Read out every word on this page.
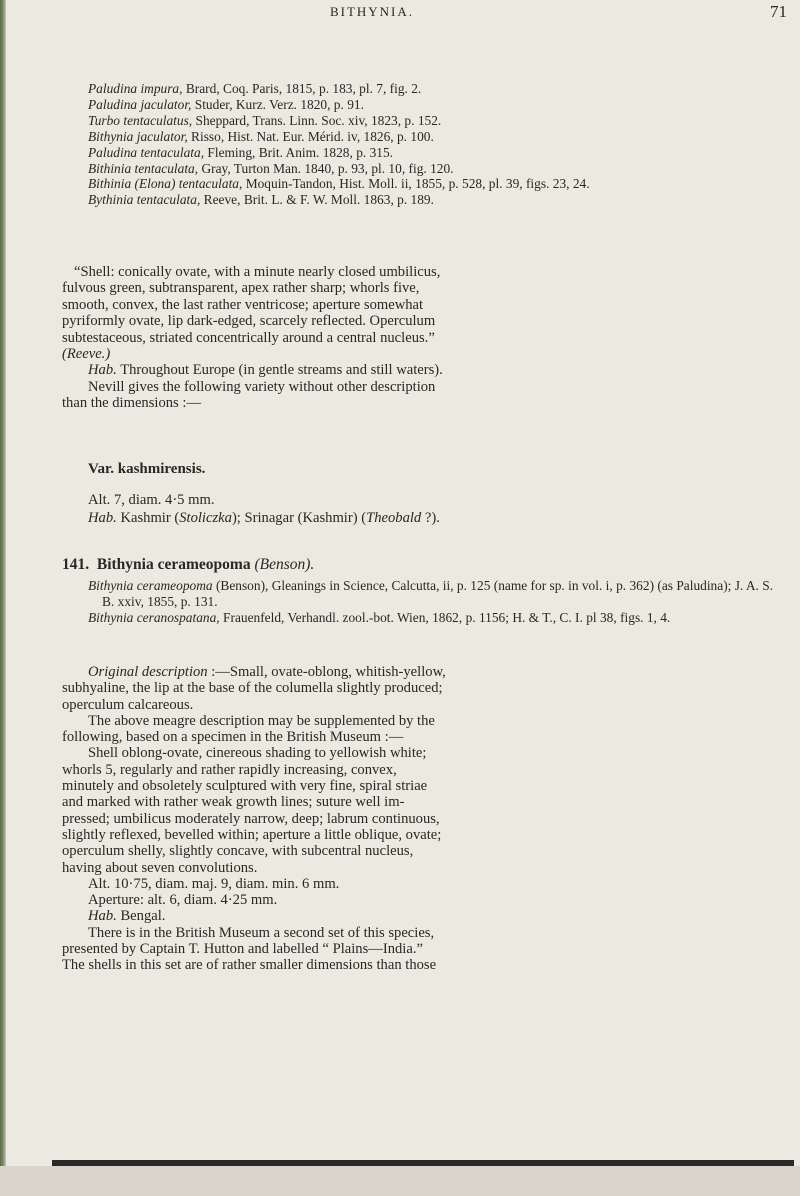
BITHYNIA.	71

Paludina impura, Brard, Coq. Paris, 1815, p. 183, pl. 7, fig. 2.

Paludina jaculator, Studer, Kurz. Verz. 1820, p. 91.

Turbo tentaculatus, Sheppard, Trans. Linn. Soc. xiv, 1823, p. 152.

Bithynia jaculator, Risso, Hist. Nat. Eur. Mérid. iv, 1826, p. 100.

Paludina tentaculata, Fleming, Brit. Anim. 1828, p. 315.

Bithinia tentaculata, Gray, Turton Man. 1840, p. 93, pl. 10, fig. 120.

Bithinia (Elona) tentaculata, Moquin-Tandon, Hist. Moll. ii, 1855, p. 528, pl. 39, figs. 23, 24.

Bythinia tentaculata, Reeve, Brit. L. & F. W. Moll. 1863, p. 189.

“Shell: conically ovate, with a minute nearly closed umbilicus,

fulvous green, subtransparent, apex rather sharp; whorls five,

smooth, convex, the last rather ventricose; aperture somewhat

pyriformly ovate, lip dark-edged, scarcely reflected. Operculum

subtestaceous, striated concentrically around a central nucleus.”

(Reeve.)

Hab. Throughout Europe (in gentle streams and still waters).

Nevill gives the following variety without other description

than the dimensions :—

Var. kashmirensis.
Alt. 7, diam. 4·5 mm.
Hab. Kashmir (Stoliczka); Srinagar (Kashmir) (Theobald ?).
141. Bithynia cerameopoma (Benson).

Bithynia cerameopoma (Benson), Gleanings in Science, Calcutta, ii, p. 125 (name for sp. in vol. i, p. 362) (as Paludina); J. A. S. B. xxiv, 1855, p. 131.

Bithynia ceranospatana, Frauenfeld, Verhandl. zool.-bot. Wien, 1862, p. 1156; H. & T., C. I. pl 38, figs. 1, 4.

Original description :—Small, ovate-oblong, whitish-yellow,

subhyaline, the lip at the base of the columella slightly produced;

operculum calcareous.

The above meagre description may be supplemented by the

following, based on a specimen in the British Museum :—

Shell oblong-ovate, cinereous shading to yellowish white;

whorls 5, regularly and rather rapidly increasing, convex,

minutely and obsoletely sculptured with very fine, spiral striae

and marked with rather weak growth lines; suture well im-

pressed; umbilicus moderately narrow, deep; labrum continuous,

slightly reflexed, bevelled within; aperture a little oblique, ovate;

operculum shelly, slightly concave, with subcentral nucleus,

having about seven convolutions.

Alt. 10·75, diam. maj. 9, diam. min. 6 mm.

Aperture: alt. 6, diam. 4·25 mm.

Hab. Bengal.

There is in the British Museum a second set of this species,

presented by Captain T. Hutton and labelled “ Plains—India.”

The shells in this set are of rather smaller dimensions than those
